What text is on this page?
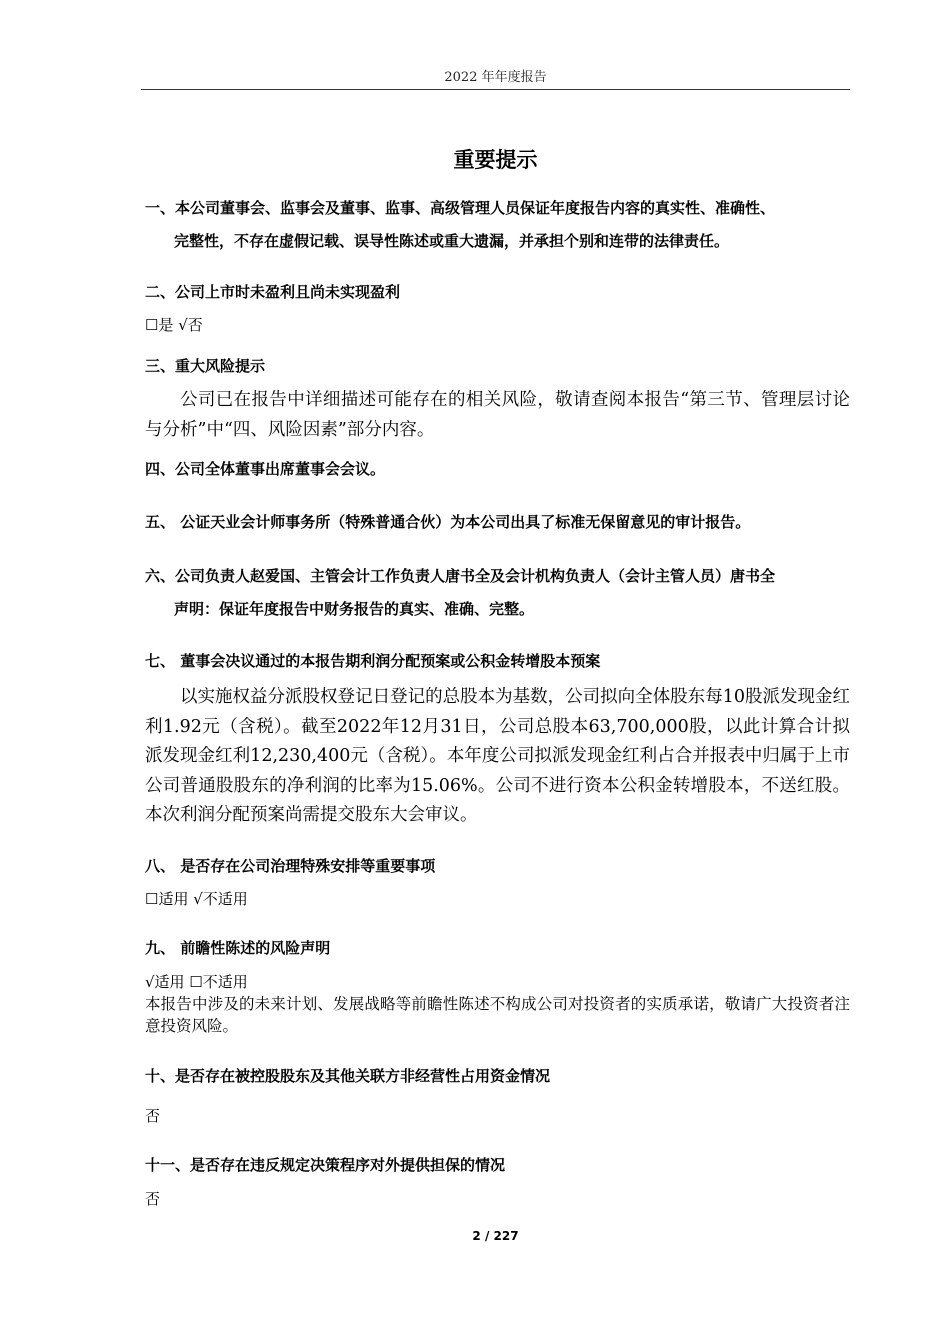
2022 年年度报告
重要提示
一、本公司董事会、监事会及董事、监事、高级管理人员保证年度报告内容的真实性、准确性、
完整性，不存在虚假记载、误导性陈述或重大遗漏，并承担个别和连带的法律责任。
二、公司上市时未盈利且尚未实现盈利
☐是 √否
三、重大风险提示
公司已在报告中详细描述可能存在的相关风险，敬请查阅本报告“第三节、管理层讨论与分析”中“四、风险因素”部分内容。
四、公司全体董事出席董事会会议。
五、 公证天业会计师事务所（特殊普通合伙）为本公司出具了标准无保留意见的审计报告。
六、公司负责人赵爱国、主管会计工作负责人唐书全及会计机构负责人（会计主管人员）唐书全
声明：保证年度报告中财务报告的真实、准确、完整。
七、 董事会决议通过的本报告期利润分配预案或公积金转增股本预案
以实施权益分派股权登记日登记的总股本为基数，公司拟向全体股东每10股派发现金红利1.92元（含税）。截至2022年12月31日，公司总股本63,700,000股，以此计算合计拟派发现金红利12,230,400元（含税）。本年度公司拟派发现金红利占合并报表中归属于上市公司普通股股东的净利润的比率为15.06%。公司不进行资本公积金转增股本，不送红股。本次利润分配预案尚需提交股东大会审议。
八、 是否存在公司治理特殊安排等重要事项
☐适用 √不适用
九、 前瞻性陈述的风险声明
√适用 ☐不适用
本报告中涉及的未来计划、发展战略等前瞻性陈述不构成公司对投资者的实质承诺，敬请广大投资者注意投资风险。
十、是否存在被控股股东及其他关联方非经营性占用资金情况
否
十一、是否存在违反规定决策程序对外提供担保的情况
否
2 / 227
